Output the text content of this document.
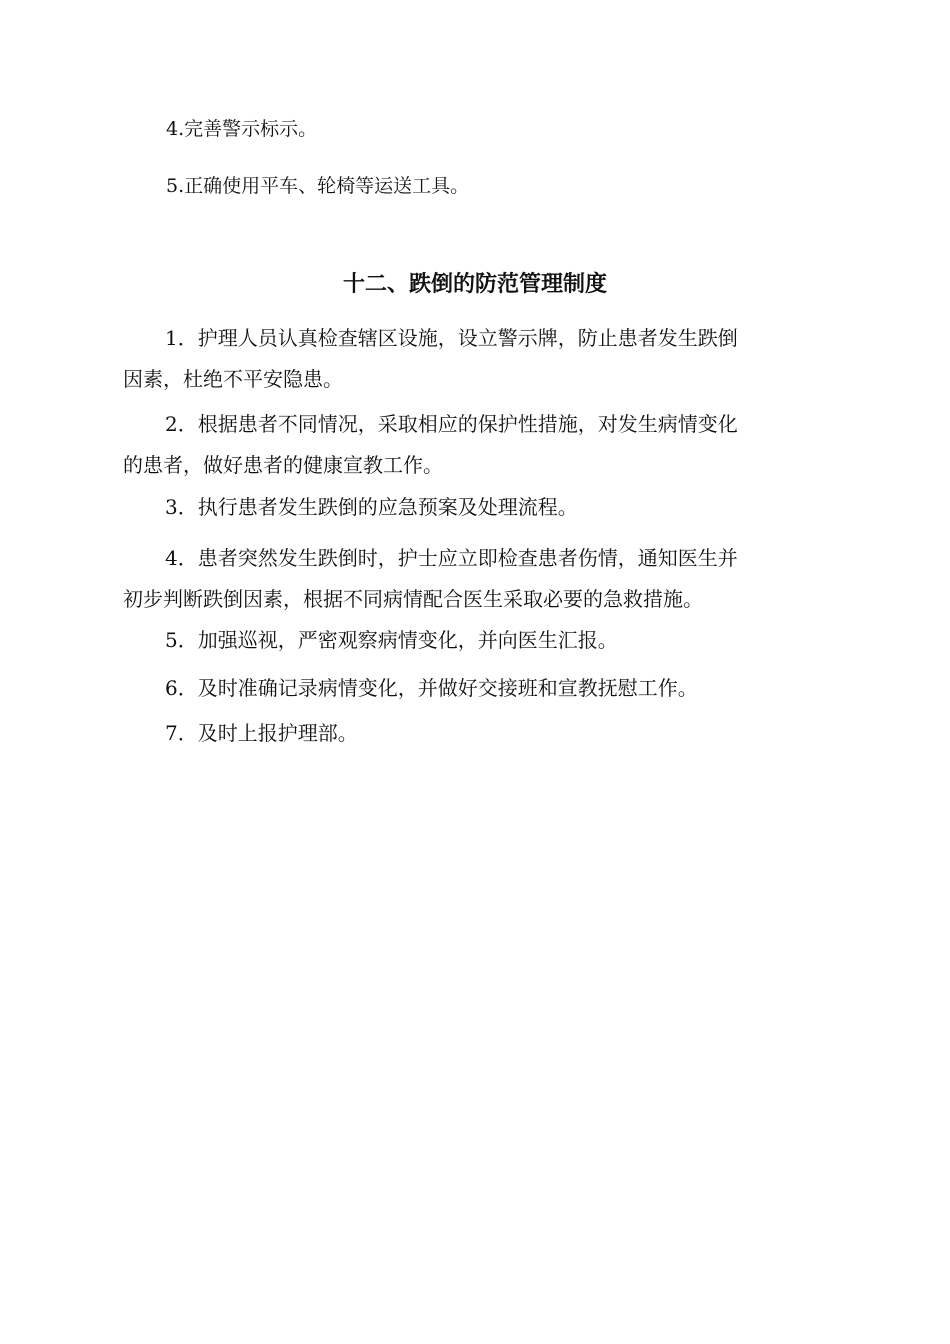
4.完善警示标示。
5.正确使用平车、轮椅等运送工具。
十二、跌倒的防范管理制度

1．护理人员认真检查辖区设施，设立警示牌，防止患者发生跌倒
因素，杜绝不平安隐患。

2．根据患者不同情况，采取相应的保护性措施，对发生病情变化
的患者，做好患者的健康宣教工作。

3．执行患者发生跌倒的应急预案及处理流程。

4．患者突然发生跌倒时，护士应立即检查患者伤情，通知医生并
初步判断跌倒因素，根据不同病情配合医生采取必要的急救措施。

5．加强巡视，严密观察病情变化，并向医生汇报。

6．及时准确记录病情变化，并做好交接班和宣教抚慰工作。

7．及时上报护理部。
